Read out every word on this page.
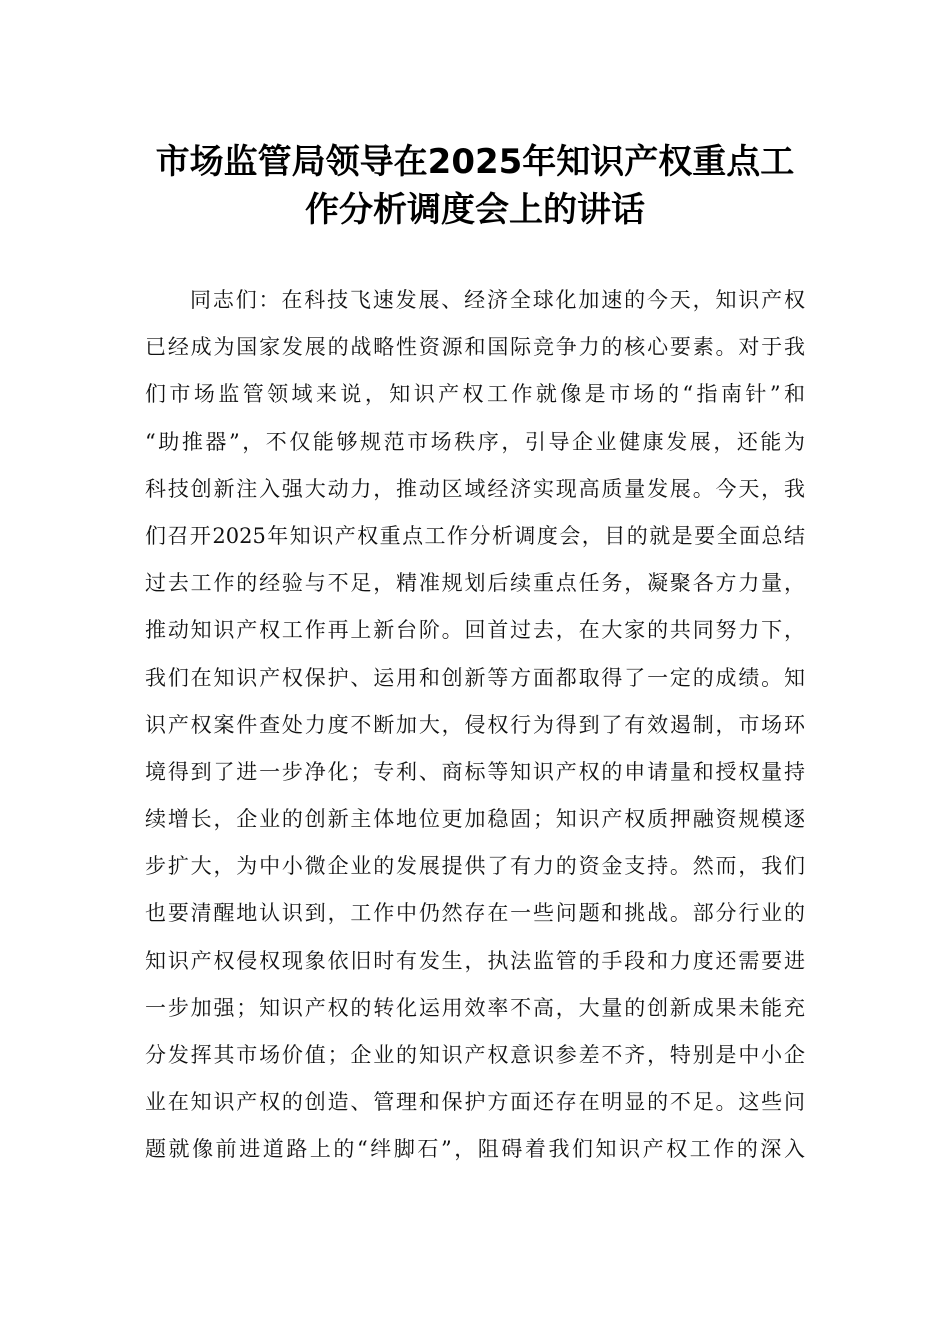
市场监管局领导在2025年知识产权重点工
作分析调度会上的讲话
同志们：在科技飞速发展、经济全球化加速的今天，知识产权
已经成为国家发展的战略性资源和国际竞争力的核心要素。对于我
们市场监管领域来说，知识产权工作就像是市场的“指南针”和
“助推器”，不仅能够规范市场秩序，引导企业健康发展，还能为
科技创新注入强大动力，推动区域经济实现高质量发展。今天，我
们召开2025年知识产权重点工作分析调度会，目的就是要全面总结
过去工作的经验与不足，精准规划后续重点任务，凝聚各方力量，
推动知识产权工作再上新台阶。回首过去，在大家的共同努力下，
我们在知识产权保护、运用和创新等方面都取得了一定的成绩。知
识产权案件查处力度不断加大，侵权行为得到了有效遏制，市场环
境得到了进一步净化；专利、商标等知识产权的申请量和授权量持
续增长，企业的创新主体地位更加稳固；知识产权质押融资规模逐
步扩大，为中小微企业的发展提供了有力的资金支持。然而，我们
也要清醒地认识到，工作中仍然存在一些问题和挑战。部分行业的
知识产权侵权现象依旧时有发生，执法监管的手段和力度还需要进
一步加强；知识产权的转化运用效率不高，大量的创新成果未能充
分发挥其市场价值；企业的知识产权意识参差不齐，特别是中小企
业在知识产权的创造、管理和保护方面还存在明显的不足。这些问
题就像前进道路上的“绊脚石”，阻碍着我们知识产权工作的深入
